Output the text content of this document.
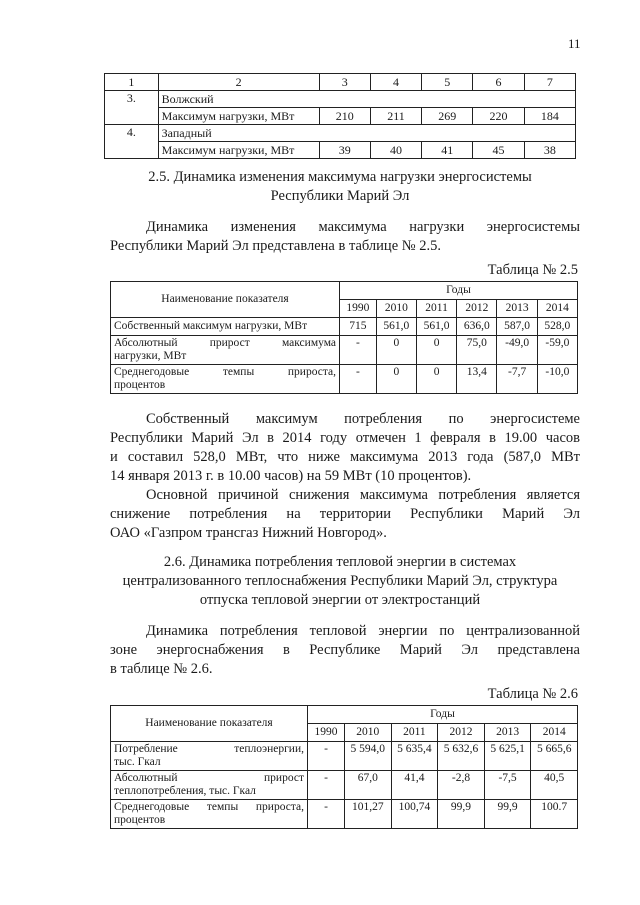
11
1	2	3	4	5	6	7
3.	Волжский					
	Максимум нагрузки, МВт	210	211	269	220	184
4.	Западный					
	Максимум нагрузки, МВт	39	40	41	45	38
2.5. Динамика изменения максимума нагрузки энергосистемы
Республики Марий Эл
Динамика изменения максимума нагрузки энергосистемы
Республики Марий Эл представлена в таблице № 2.5.
Таблица № 2.5
Наименование показателя	Годы					
	1990	2010	2011	2012	2013	2014
Собственный максимум нагрузки, МВт	715	561,0	561,0	636,0	587,0	528,0

Абсолютный прирост максимума
нагрузки, МВт	-	0	0	75,0	-49,0	-59,0

Среднегодовые темпы прироста,
процентов	-	0	0	13,4	-7,7	-10,0
Собственный максимум потребления по энергосистеме
Республики Марий Эл в 2014 году отмечен 1 февраля в 19.00 часов
и составил 528,0 МВт, что ниже максимума 2013 года (587,0 МВт
14 января 2013 г. в 10.00 часов) на 59 МВт (10 процентов).
Основной причиной снижения максимума потребления является
снижение потребления на территории Республики Марий Эл
ОАО «Газпром трансгаз Нижний Новгород».
2.6. Динамика потребления тепловой энергии в системах
централизованного теплоснабжения Республики Марий Эл, структура
отпуска тепловой энергии от электростанций
Динамика потребления тепловой энергии по централизованной
зоне энергоснабжения в Республике Марий Эл представлена
в таблице № 2.6.
Таблица № 2.6
Наименование показателя	Годы					
	1990	2010	2011	2012	2013	2014

Потребление теплоэнергии,
тыс. Гкал	-	5 594,0	5 635,4	5 632,6	5 625,1	5 665,6

Абсолютный прирост
теплопотребления, тыс. Гкал	-	67,0	41,4	-2,8	-7,5	40,5

Среднегодовые темпы прироста,
процентов	-	101,27	100,74	99,9	99,9	100.7
